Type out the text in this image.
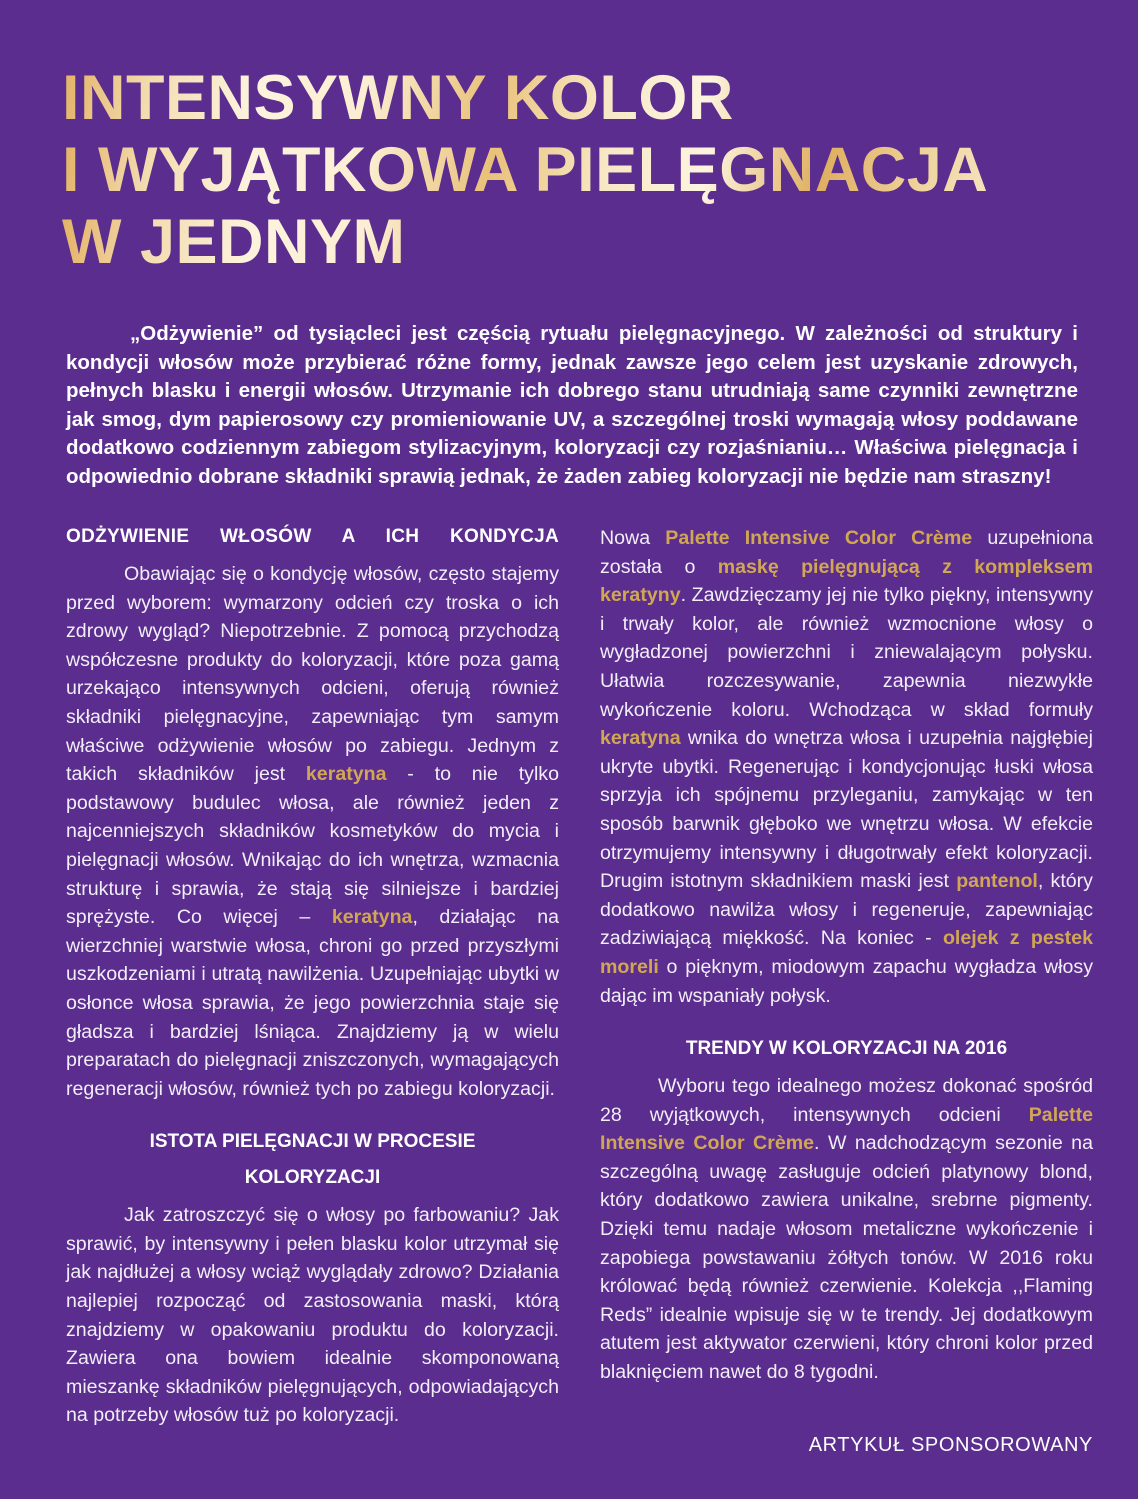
INTENSYWNY KOLOR
I WYJĄTKOWA PIELĘGNACJA
W JEDNYM
„Odżywienie” od tysiącleci jest częścią rytuału pielęgnacyjnego. W zależności od struktury i kondycji włosów może przybierać różne formy, jednak zawsze jego celem jest uzyskanie zdrowych, pełnych blasku i energii włosów. Utrzymanie ich dobrego stanu utrudniają same czynniki zewnętrzne jak smog, dym papierosowy czy promieniowanie UV, a szczególnej troski wymagają włosy poddawane dodatkowo codziennym zabiegom stylizacyjnym, koloryzacji czy rozjaśnianiu… Właściwa pielęgnacja i odpowiednio dobrane składniki sprawią jednak, że żaden zabieg koloryzacji nie będzie nam straszny!
ODŻYWIENIE WŁOSÓW A ICH KONDYCJA

Obawiając się o kondycję włosów, często stajemy przed wyborem: wymarzony odcień czy troska o ich zdrowy wygląd? Niepotrzebnie. Z pomocą przychodzą współczesne produkty do koloryzacji, które poza gamą urzekająco intensywnych odcieni, oferują również składniki pielęgnacyjne, zapewniając tym samym właściwe odżywienie włosów po zabiegu. Jednym z takich składników jest keratyna - to nie tylko podstawowy budulec włosa, ale również jeden z najcenniejszych składników kosmetyków do mycia i pielęgnacji włosów. Wnikając do ich wnętrza, wzmacnia strukturę i sprawia, że stają się silniejsze i bardziej sprężyste. Co więcej – keratyna, działając na wierzchniej warstwie włosa, chroni go przed przyszłymi uszkodzeniami i utratą nawilżenia. Uzupełniając ubytki w osłonce włosa sprawia, że jego powierzchnia staje się gładsza i bardziej lśniąca. Znajdziemy ją w wielu preparatach do pielęgnacji zniszczonych, wymagających regeneracji włosów, również tych po zabiegu koloryzacji.

ISTOTA PIELĘGNACJI W PROCESIE
KOLORYZACJI

Jak zatroszczyć się o włosy po farbowaniu? Jak sprawić, by intensywny i pełen blasku kolor utrzymał się jak najdłużej a włosy wciąż wyglądały zdrowo? Działania najlepiej rozpocząć od zastosowania maski, którą znajdziemy w opakowaniu produktu do koloryzacji. Zawiera ona bowiem idealnie skomponowaną mieszankę składników pielęgnujących, odpowiadających na potrzeby włosów tuż po koloryzacji.

Nowa Palette Intensive Color Crème uzupełniona została o maskę pielęgnującą z kompleksem keratyny. Zawdzięczamy jej nie tylko piękny, intensywny i trwały kolor, ale również wzmocnione włosy o wygładzonej powierzchni i zniewalającym połysku. Ułatwia rozczesywanie, zapewnia niezwykłe wykończenie koloru. Wchodząca w skład formuły keratyna wnika do wnętrza włosa i uzupełnia najgłębiej ukryte ubytki. Regenerując i kondycjonując łuski włosa sprzyja ich spójnemu przyleganiu, zamykając w ten sposób barwnik głęboko we wnętrzu włosa. W efekcie otrzymujemy intensywny i długotrwały efekt koloryzacji. Drugim istotnym składnikiem maski jest pantenol, który dodatkowo nawilża włosy i regeneruje, zapewniając zadziwiającą miękkość. Na koniec - olejek z pestek moreli o pięknym, miodowym zapachu wygładza włosy dając im wspaniały połysk.

TRENDY W KOLORYZACJI NA 2016

Wyboru tego idealnego możesz dokonać spośród 28 wyjątkowych, intensywnych odcieni Palette Intensive Color Crème. W nadchodzącym sezonie na szczególną uwagę zasługuje odcień platynowy blond, który dodatkowo zawiera unikalne, srebrne pigmenty. Dzięki temu nadaje włosom metaliczne wykończenie i zapobiega powstawaniu żółtych tonów. W 2016 roku królować będą również czerwienie. Kolekcja ,,Flaming Reds” idealnie wpisuje się w te trendy. Jej dodatkowym atutem jest aktywator czerwieni, który chroni kolor przed blaknięciem nawet do 8 tygodni.

ARTYKUŁ SPONSOROWANY
